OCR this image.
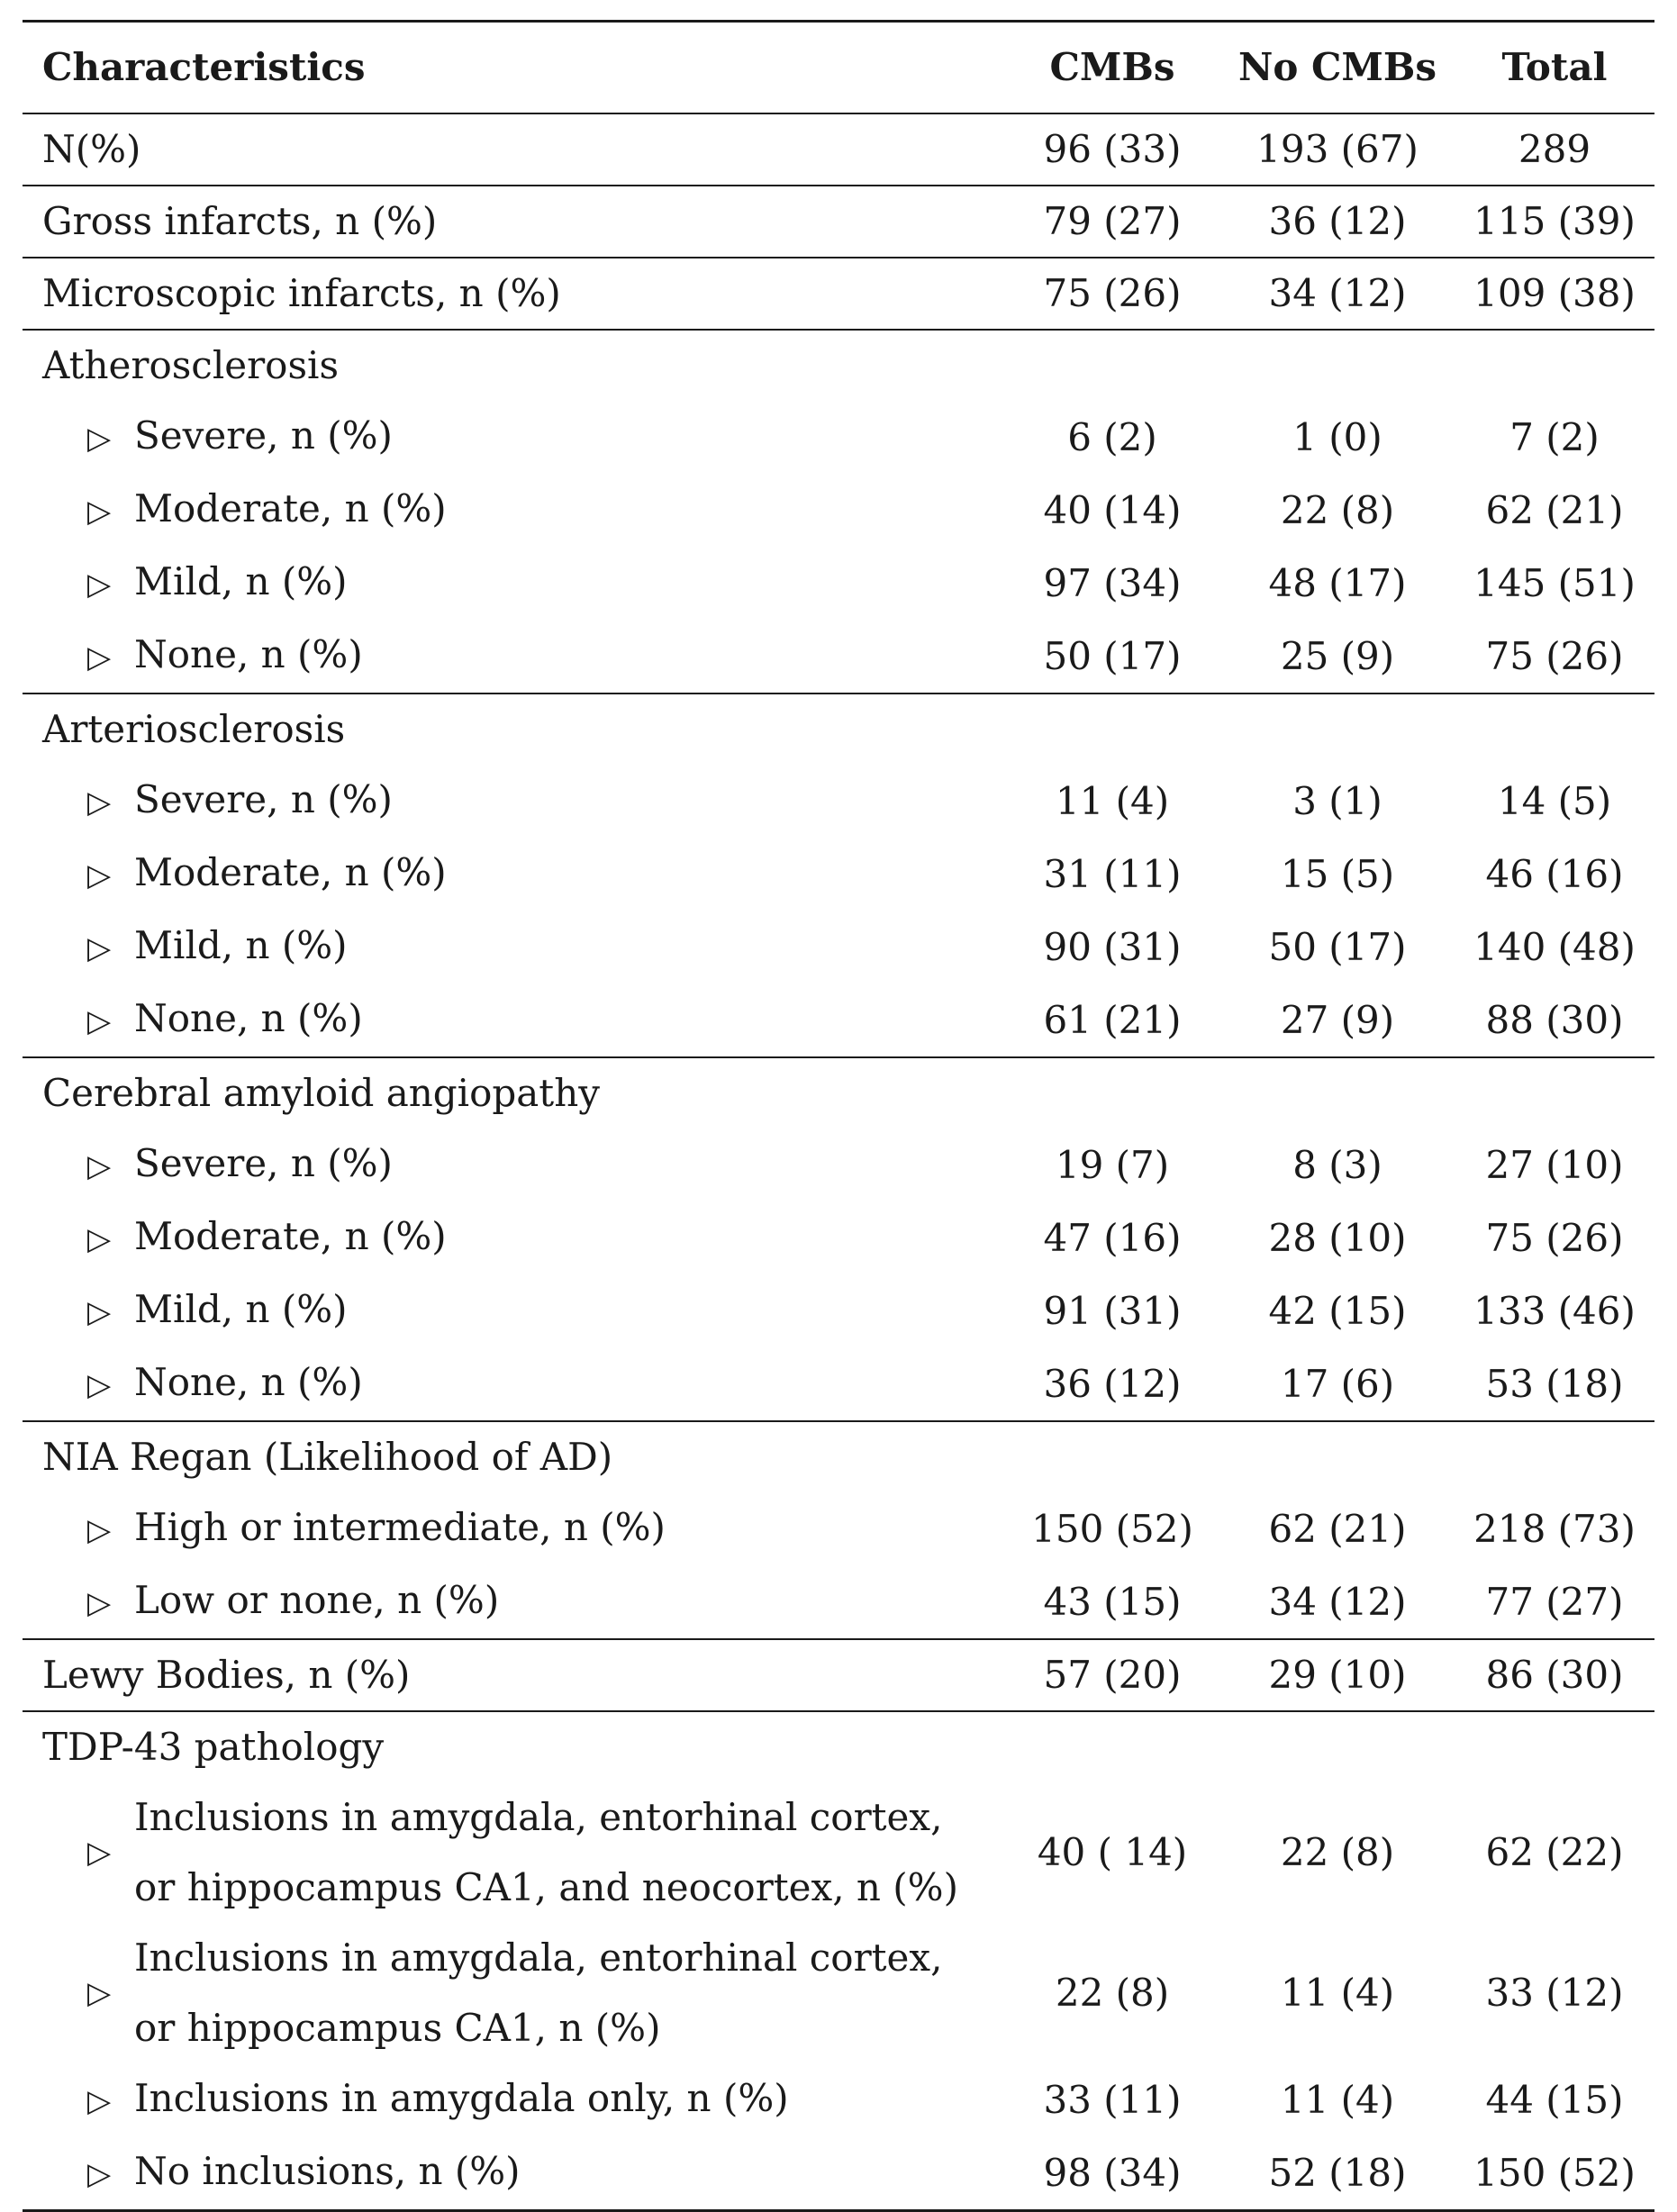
Characteristics	CMBs	No CMBs	Total
N(%)	96 (33)	193 (67)	289
Gross infarcts, n (%)	79 (27)	36 (12)	115 (39)
Microscopic infarcts, n (%)	75 (26)	34 (12)	109 (38)
Atherosclerosis			
▷ Severe, n (%)	6 (2)	1 (0)	7 (2)
▷ Moderate, n (%)	40 (14)	22 (8)	62 (21)
▷ Mild, n (%)	97 (34)	48 (17)	145 (51)
▷ None, n (%)	50 (17)	25 (9)	75 (26)
Arteriosclerosis			
▷ Severe, n (%)	11 (4)	3 (1)	14 (5)
▷ Moderate, n (%)	31 (11)	15 (5)	46 (16)
▷ Mild, n (%)	90 (31)	50 (17)	140 (48)
▷ None, n (%)	61 (21)	27 (9)	88 (30)
Cerebral amyloid angiopathy			
▷ Severe, n (%)	19 (7)	8 (3)	27 (10)
▷ Moderate, n (%)	47 (16)	28 (10)	75 (26)
▷ Mild, n (%)	91 (31)	42 (15)	133 (46)
▷ None, n (%)	36 (12)	17 (6)	53 (18)
NIA Regan (Likelihood of AD)			
▷ High or intermediate, n (%)	150 (52)	62 (21)	218 (73)
▷ Low or none, n (%)	43 (15)	34 (12)	77 (27)
Lewy Bodies, n (%)	57 (20)	29 (10)	86 (30)
TDP-43 pathology			

▷
Inclusions in amygdala, entorhinal cortex,
or hippocampus CA1, and neocortex, n (%)	40 ( 14)	22 (8)	62 (22)

▷
Inclusions in amygdala, entorhinal cortex,
or hippocampus CA1, n (%)	22 (8)	11 (4)	33 (12)
▷ Inclusions in amygdala only, n (%)	33 (11)	11 (4)	44 (15)
▷ No inclusions, n (%)	98 (34)	52 (18)	150 (52)
